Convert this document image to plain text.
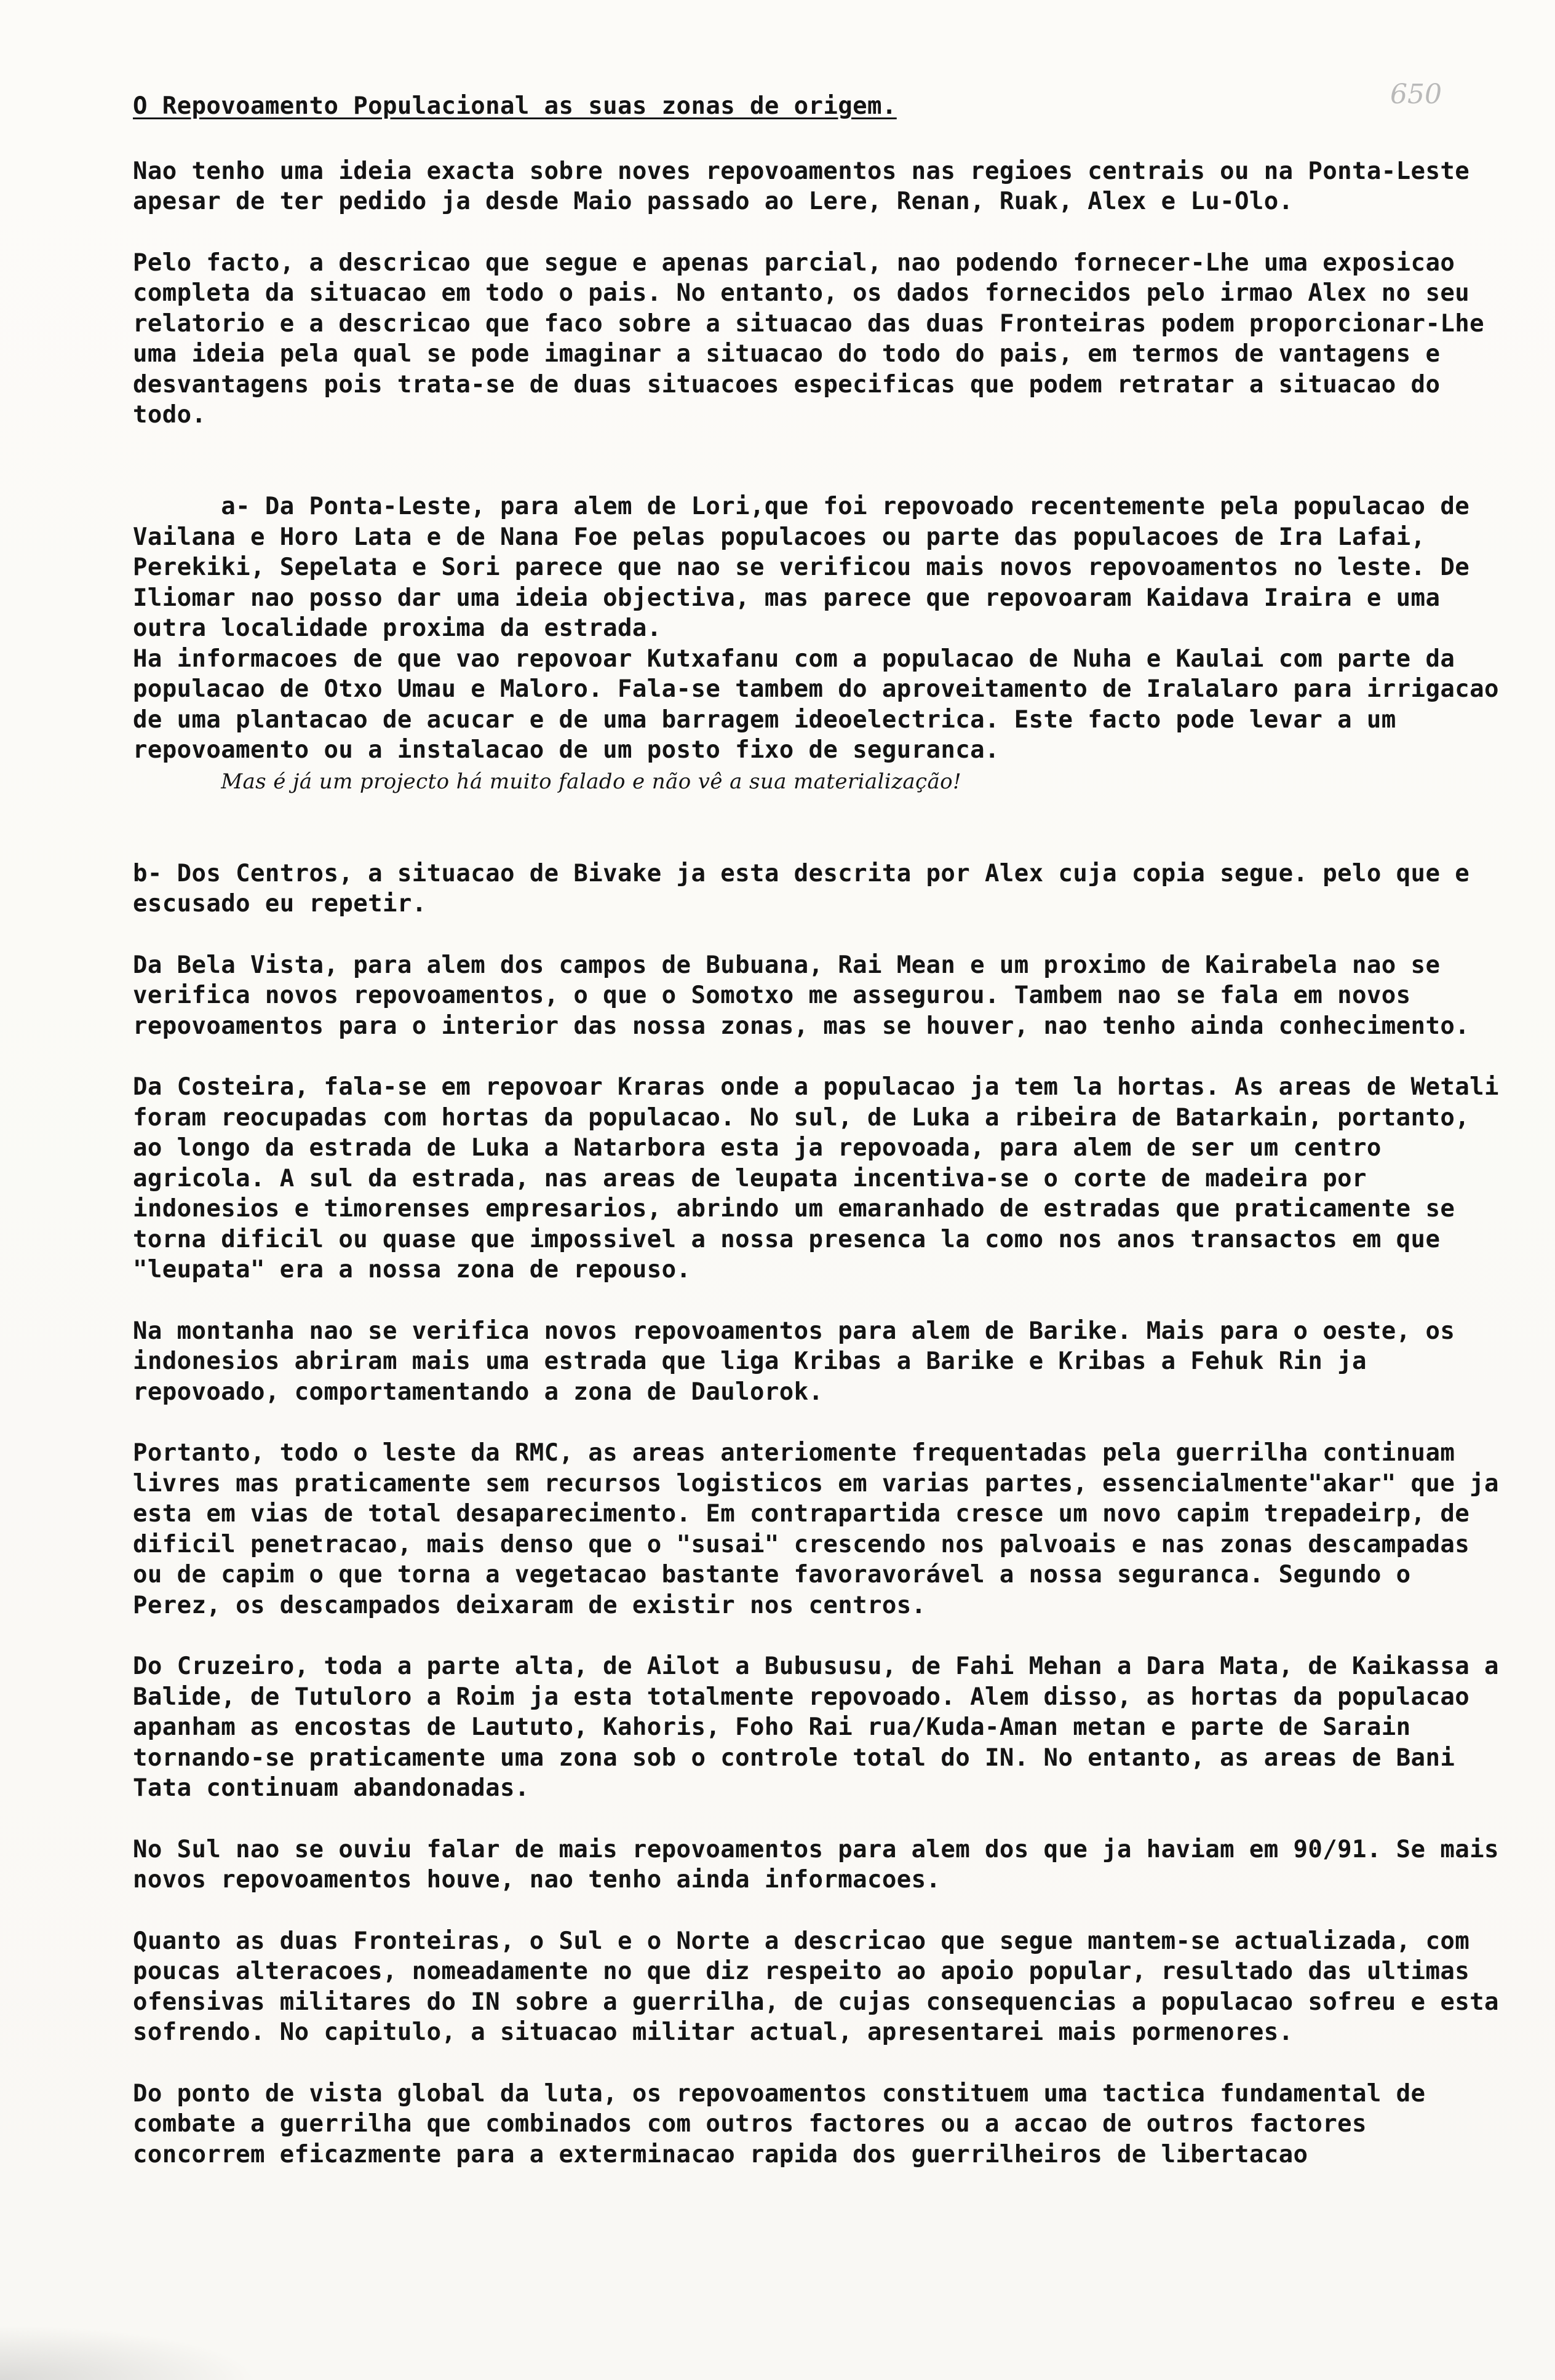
650
O Repovoamento Populacional as suas zonas de origem.

Nao tenho uma ideia exacta sobre noves repovoamentos nas regioes centrais ou na Ponta-Leste apesar de ter pedido ja desde Maio passado ao Lere, Renan, Ruak, Alex e Lu-Olo.

Pelo facto, a descricao que segue e apenas parcial, nao podendo fornecer-Lhe uma exposicao completa da situacao em todo o pais. No entanto, os dados fornecidos pelo irmao Alex no seu relatorio e a descricao que faco sobre a situacao das duas Fronteiras podem proporcionar-Lhe uma ideia pela qual se pode imaginar a situacao do todo do pais, em termos de vantagens e desvantagens pois trata-se de duas situacoes especificas que podem retratar a situacao do todo.

a- Da Ponta-Leste, para alem de Lori,que foi repovoado recentemente pela populacao de Vailana e Horo Lata e de Nana Foe pelas populacoes ou parte das populacoes de Ira Lafai, Perekiki, Sepelata e Sori parece que nao se verificou mais novos repovoamentos no leste. De Iliomar nao posso dar uma ideia objectiva, mas parece que repovoaram Kaidava Iraira e uma outra localidade proxima da estrada.
Ha informacoes de que vao repovoar Kutxafanu com a populacao de Nuha e Kaulai com parte da populacao de Otxo Umau e Maloro. Fala-se tambem do aproveitamento de Iralalaro para irrigacao de uma plantacao de acucar e de uma barragem ideoelectrica. Este facto pode levar a um repovoamento ou a instalacao de um posto fixo de seguranca.
Mas é já um projecto há muito falado e não vê a sua materialização!

b- Dos Centros, a situacao de Bivake ja esta descrita por Alex cuja copia segue. pelo que e escusado eu repetir.

Da Bela Vista, para alem dos campos de Bubuana, Rai Mean e um proximo de Kairabela nao se verifica novos repovoamentos, o que o Somotxo me assegurou. Tambem nao se fala em novos repovoamentos para o interior das nossa zonas, mas se houver, nao tenho ainda conhecimento.

Da Costeira, fala-se em repovoar Kraras onde a populacao ja tem la hortas. As areas de Wetali foram reocupadas com hortas da populacao. No sul, de Luka a ribeira de Batarkain, portanto, ao longo da estrada de Luka a Natarbora esta ja repovoada, para alem de ser um centro agricola. A sul da estrada, nas areas de leupata incentiva-se o corte de madeira por indonesios e timorenses empresarios, abrindo um emaranhado de estradas que praticamente se torna dificil ou quase que impossivel a nossa presenca la como nos anos transactos em que "leupata" era a nossa zona de repouso.

Na montanha nao se verifica novos repovoamentos para alem de Barike. Mais para o oeste, os indonesios abriram mais uma estrada que liga Kribas a Barike e Kribas a Fehuk Rin ja repovoado, comportamentando a zona de Daulorok.

Portanto, todo o leste da RMC, as areas anteriomente frequentadas pela guerrilha continuam livres mas praticamente sem recursos logisticos em varias partes, essencialmente"akar" que ja esta em vias de total desaparecimento. Em contrapartida cresce um novo capim trepadeirp, de dificil penetracao, mais denso que o "susai" crescendo nos palvoais e nas zonas descampadas ou de capim o que torna a vegetacao bastante favoravorável a nossa seguranca. Segundo o Perez, os descampados deixaram de existir nos centros.

Do Cruzeiro, toda a parte alta, de Ailot a Bubususu, de Fahi Mehan a Dara Mata, de Kaikassa a Balide, de Tutuloro a Roim ja esta totalmente repovoado. Alem disso, as hortas da populacao apanham as encostas de Laututo, Kahoris, Foho Rai rua/Kuda-Aman metan e parte de Sarain tornando-se praticamente uma zona sob o controle total do IN. No entanto, as areas de Bani Tata continuam abandonadas.

No Sul nao se ouviu falar de mais repovoamentos para alem dos que ja haviam em 90/91. Se mais novos repovoamentos houve, nao tenho ainda informacoes.

Quanto as duas Fronteiras, o Sul e o Norte a descricao que segue mantem-se actualizada, com poucas alteracoes, nomeadamente no que diz respeito ao apoio popular, resultado das ultimas ofensivas militares do IN sobre a guerrilha, de cujas consequencias a populacao sofreu e esta sofrendo. No capitulo, a situacao militar actual, apresentarei mais pormenores.

Do ponto de vista global da luta, os repovoamentos constituem uma tactica fundamental de combate a guerrilha que combinados com outros factores ou a accao de outros factores concorrem eficazmente para a exterminacao rapida dos guerrilheiros de libertacao
